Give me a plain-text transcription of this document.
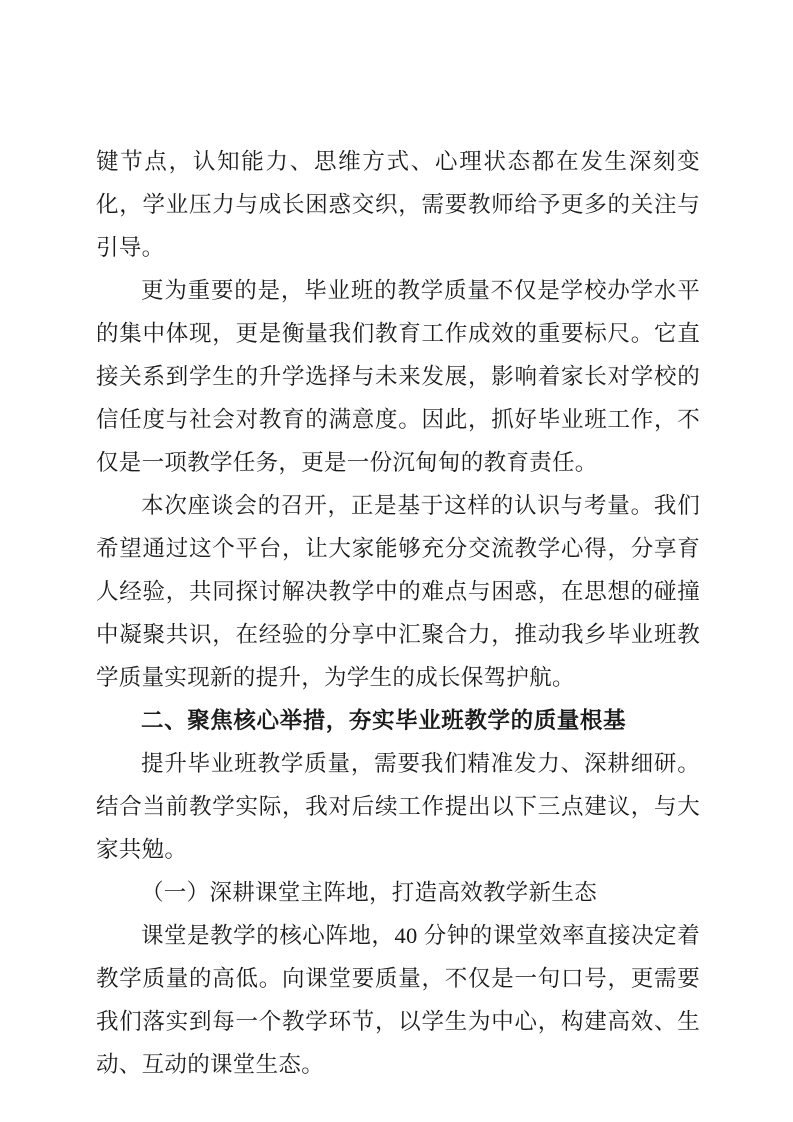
键节点，认知能力、思维方式、心理状态都在发生深刻变化，学业压力与成长困惑交织，需要教师给予更多的关注与引导。

更为重要的是，毕业班的教学质量不仅是学校办学水平的集中体现，更是衡量我们教育工作成效的重要标尺。它直接关系到学生的升学选择与未来发展，影响着家长对学校的信任度与社会对教育的满意度。因此，抓好毕业班工作，不仅是一项教学任务，更是一份沉甸甸的教育责任。

本次座谈会的召开，正是基于这样的认识与考量。我们希望通过这个平台，让大家能够充分交流教学心得，分享育人经验，共同探讨解决教学中的难点与困惑，在思想的碰撞中凝聚共识，在经验的分享中汇聚合力，推动我乡毕业班教学质量实现新的提升，为学生的成长保驾护航。

二、聚焦核心举措，夯实毕业班教学的质量根基

提升毕业班教学质量，需要我们精准发力、深耕细研。结合当前教学实际，我对后续工作提出以下三点建议，与大家共勉。

（一）深耕课堂主阵地，打造高效教学新生态

课堂是教学的核心阵地，40 分钟的课堂效率直接决定着教学质量的高低。向课堂要质量，不仅是一句口号，更需要我们落实到每一个教学环节，以学生为中心，构建高效、生动、互动的课堂生态。
